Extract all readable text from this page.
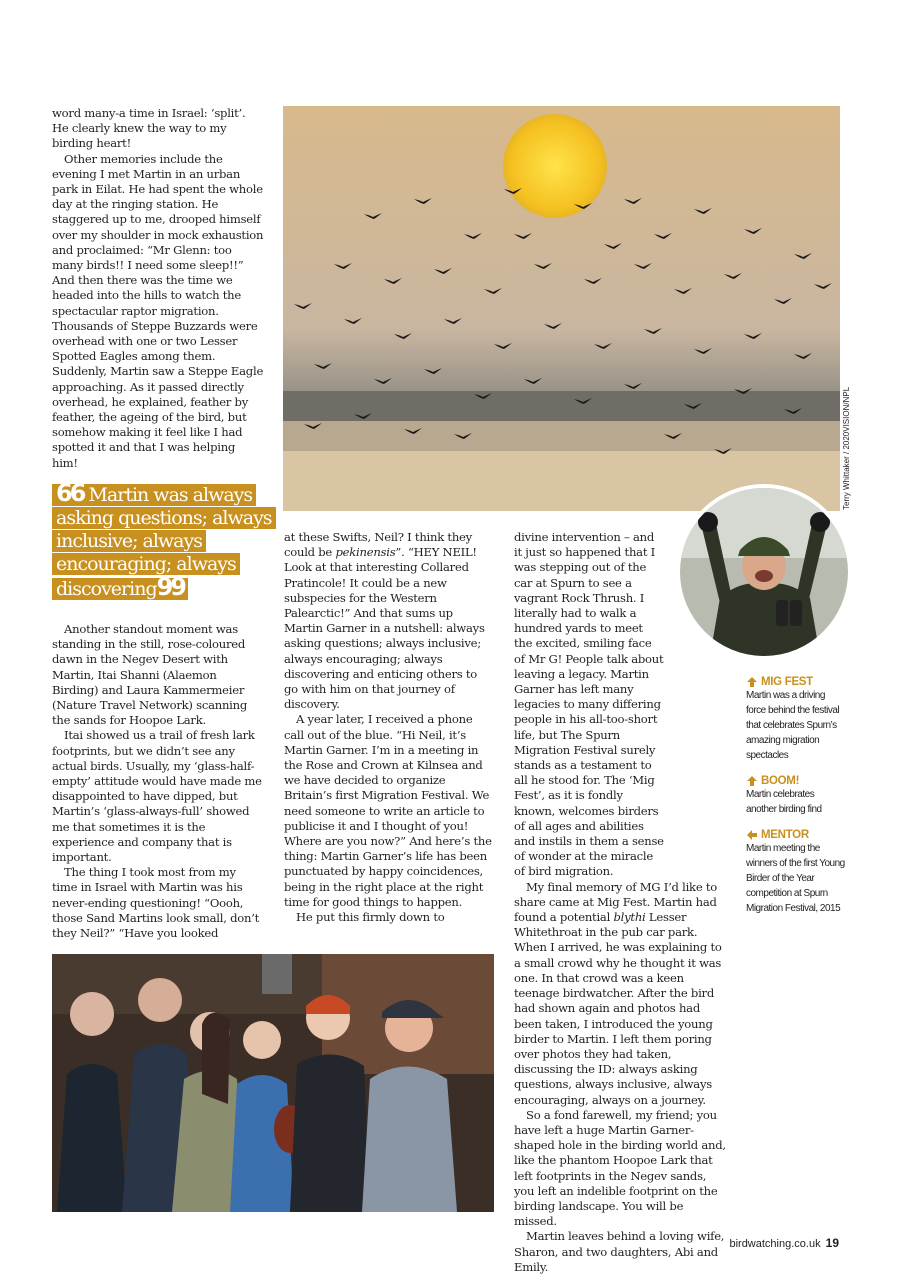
word many-a time in Israel: ‘split’. He clearly knew the way to my birding heart!

Other memories include the evening I met Martin in an urban park in Eilat. He had spent the whole day at the ringing station. He staggered up to me, drooped himself over my shoulder in mock exhaustion and proclaimed: “Mr Glenn: too many birds!! I need some sleep!!” And then there was the time we headed into the hills to watch the spectacular raptor migration. Thousands of Steppe Buzzards were overhead with one or two Lesser Spotted Eagles among them. Suddenly, Martin saw a Steppe Eagle approaching. As it passed directly overhead, he explained, feather by feather, the ageing of the bird, but somehow making it feel like I had spotted it and that I was helping him!

66 Martin was always asking questions; always inclusive; always encouraging; always discovering99

Another standout moment was standing in the still, rose-coloured dawn in the Negev Desert with Martin, Itai Shanni (Alaemon Birding) and Laura Kammermeier (Nature Travel Network) scanning the sands for Hoopoe Lark.

Itai showed us a trail of fresh lark footprints, but we didn’t see any actual birds. Usually, my ‘glass-half-empty’ attitude would have made me disappointed to have dipped, but Martin’s ‘glass-always-full’ showed me that sometimes it is the experience and company that is important.

The thing I took most from my time in Israel with Martin was his never-ending questioning! “Oooh, those Sand Martins look small, don’t they Neil?” “Have you looked

at these Swifts, Neil? I think they could be pekinensis”. “HEY NEIL! Look at that interesting Collared Pratincole! It could be a new subspecies for the Western Palearctic!” And that sums up Martin Garner in a nutshell: always asking questions; always inclusive; always encouraging; always discovering and enticing others to go with him on that journey of discovery.

A year later, I received a phone call out of the blue. “Hi Neil, it’s Martin Garner. I’m in a meeting in the Rose and Crown at Kilnsea and we have decided to organize Britain’s first Migration Festival. We need someone to write an article to publicise it and I thought of you! Where are you now?” And here’s the thing: Martin Garner’s life has been punctuated by happy coincidences, being in the right place at the right time for good things to happen.

He put this firmly down to

divine intervention – and it just so happened that I was stepping out of the car at Spurn to see a vagrant Rock Thrush. I literally had to walk a hundred yards to meet the excited, smiling face of Mr G! People talk about leaving a legacy. Martin Garner has left many legacies to many differing people in his all-too-short life, but The Spurn Migration Festival surely stands as a testament to all he stood for. The ‘Mig Fest’, as it is fondly known, welcomes birders of all ages and abilities and instils in them a sense of wonder at the miracle of bird migration.

My final memory of MG I’d like to share came at Mig Fest. Martin had found a potential blythi Lesser Whitethroat in the pub car park. When I arrived, he was explaining to a small crowd why he thought it was one. In that crowd was a keen teenage birdwatcher. After the bird had shown again and photos had been taken, I introduced the young birder to Martin. I left them poring over photos they had taken, discussing the ID: always asking questions, always inclusive, always encouraging, always on a journey.

So a fond farewell, my friend; you have left a huge Martin Garner-shaped hole in the birding world and, like the phantom Hoopoe Lark that left footprints in the Negev sands, you left an indelible footprint on the birding landscape. You will be missed.

Martin leaves behind a loving wife, Sharon, and two daughters, Abi and Emily.

Terry Whittaker / 2020VISION/NPL
MIG FEST
Martin was a driving force behind the festival that celebrates Spurn’s amazing migration spectacles
BOOM!
Martin celebrates another birding find
MENTOR
Martin meeting the winners of the first Young Birder of the Year competition at Spurn Migration Festival, 2015
birdwatching.co.uk 19
